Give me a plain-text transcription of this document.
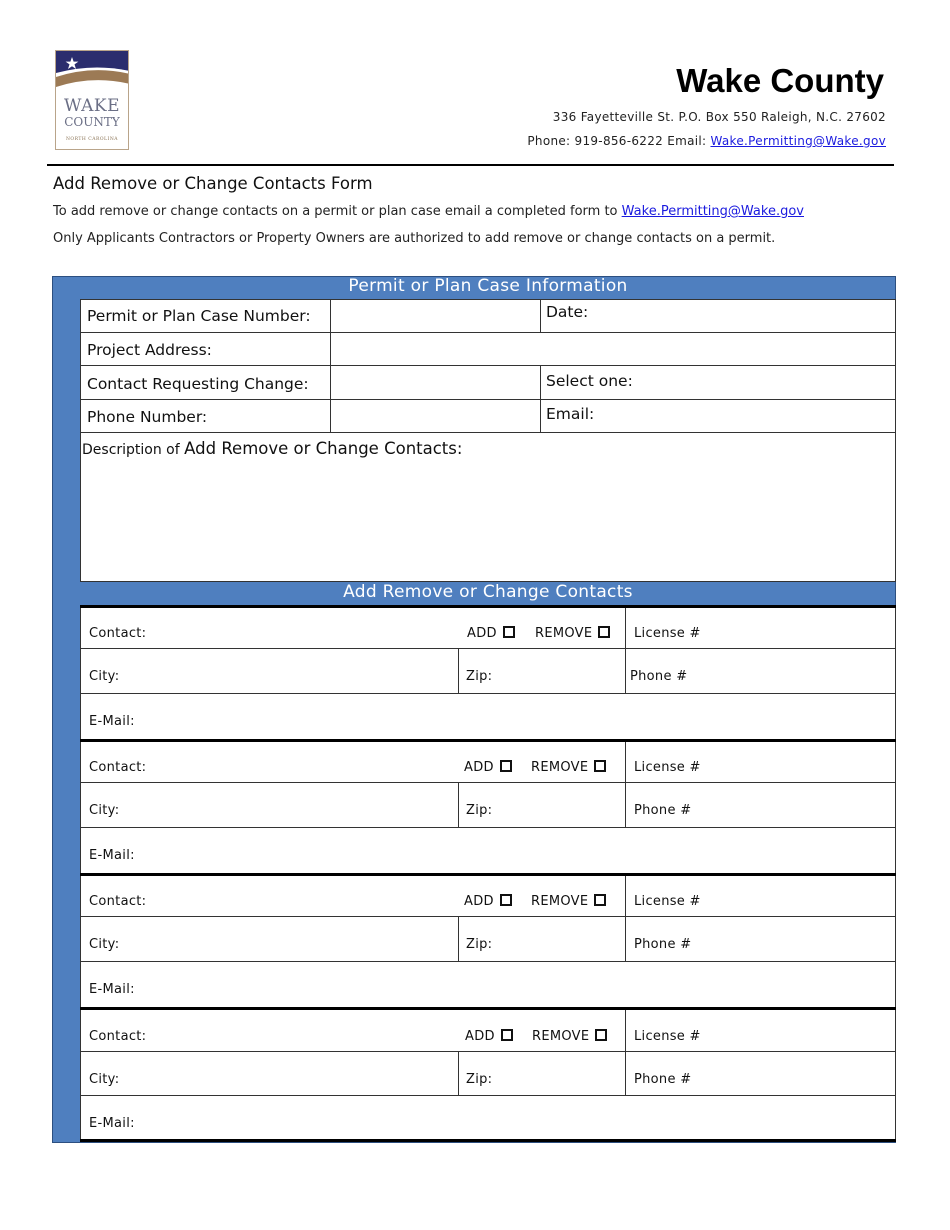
WAKE
COUNTY
NORTH CAROLINA
Wake County
336 Fayetteville St. P.O. Box 550 Raleigh, N.C. 27602
Phone: 919-856-6222 Email: Wake.Permitting@Wake.gov
Add Remove or Change Contacts Form
To add remove or change contacts on a permit or plan case email a completed form to Wake.Permitting@Wake.gov
Only Applicants Contractors or Property Owners are authorized to add remove or change contacts on a permit.
Permit or Plan Case Information
Permit or Plan Case Number:	Date:
Project Address:
Contact Requesting Change:	Select one:
Phone Number:	Email:
Description of Add Remove or Change Contacts:
Add Remove or Change Contacts
Contact:	ADD	REMOVE	License #
City:	Zip:	Phone #
E-Mail:
Contact:	ADD	REMOVE	License #
City:	Zip:	Phone #
E-Mail:
Contact:	ADD	REMOVE	License #
City:	Zip:	Phone #
E-Mail:
Contact:	ADD	REMOVE	License #
City:	Zip:	Phone #
E-Mail:
